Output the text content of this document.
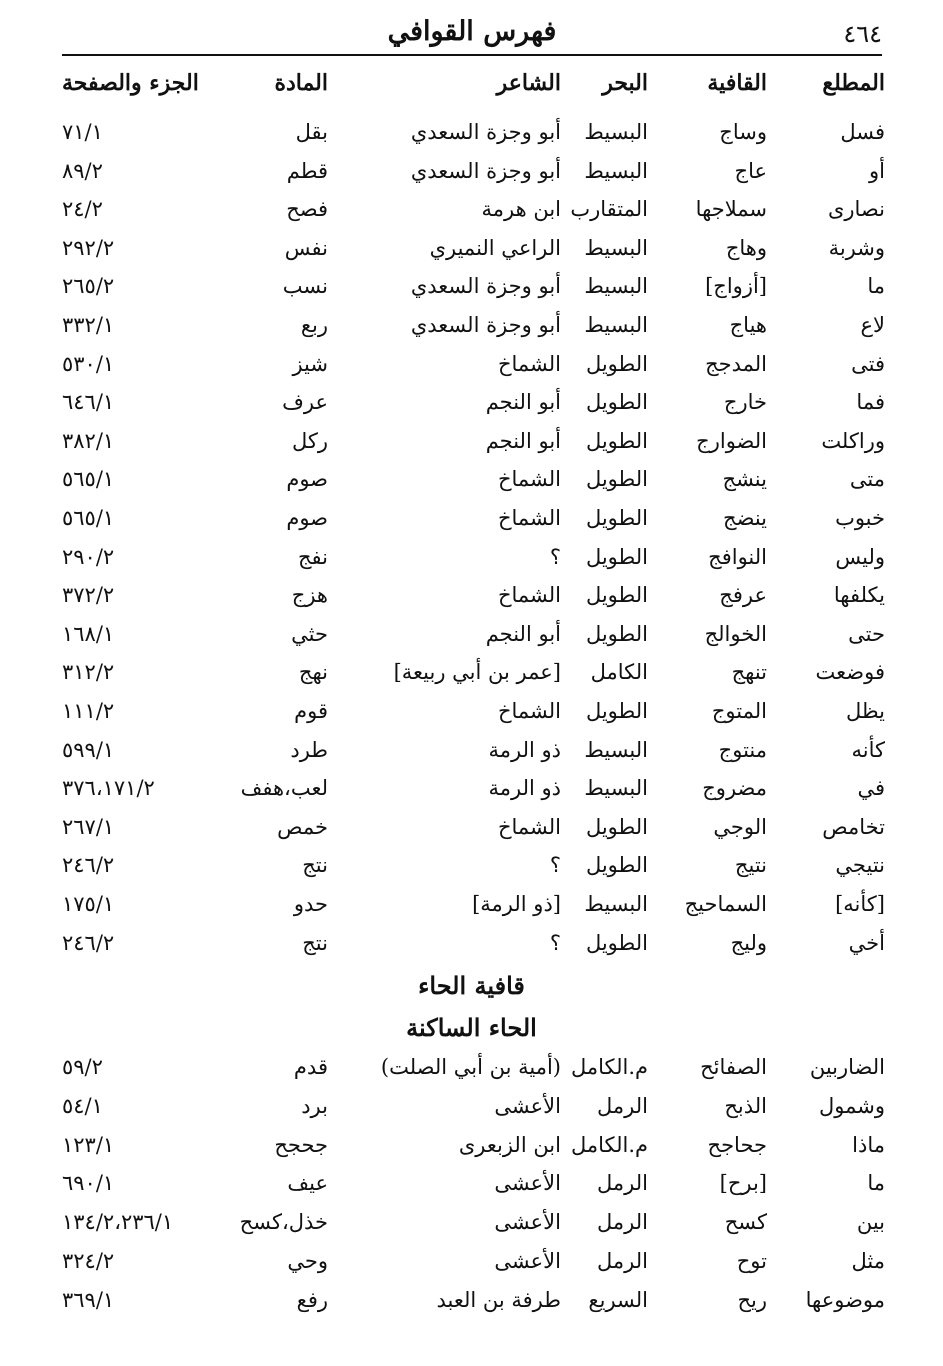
٤٦٤
فهرس القوافي
المطلع
القافية
البحر
الشاعر
المادة
الجزء والصفحة
فسل
وساج
البسيط
أبو وجزة السعدي
بقل
٧١/١
أو
عاج
البسيط
أبو وجزة السعدي
قطم
٨٩/٢
نصارى
سملاجها
المتقارب
ابن هرمة
فصح
٢٤/٢
وشربة
وهاج
البسيط
الراعي النميري
نفس
٢٩٢/٢
ما
[أزواج]
البسيط
أبو وجزة السعدي
نسب
٢٦٥/٢
لاع
هياج
البسيط
أبو وجزة السعدي
ربع
٣٣٢/١
فتى
المدجج
الطويل
الشماخ
شيز
٥٣٠/١
فما
خارج
الطويل
أبو النجم
عرف
٦٤٦/١
وراكلت
الضوارج
الطويل
أبو النجم
ركل
٣٨٢/١
متى
ينشج
الطويل
الشماخ
صوم
٥٦٥/١
خبوب
ينضج
الطويل
الشماخ
صوم
٥٦٥/١
وليس
النوافج
الطويل
؟
نفج
٢٩٠/٢
يكلفها
عرفج
الطويل
الشماخ
هزج
٣٧٢/٢
حتى
الخوالج
الطويل
أبو النجم
حثي
١٦٨/١
فوضعت
تنهج
الكامل
[عمر بن أبي ربيعة]
نهج
٣١٢/٢
يظل
المتوج
الطويل
الشماخ
قوم
١١١/٢
كأنه
منتوج
البسيط
ذو الرمة
طرد
٥٩٩/١
في
مضروج
البسيط
ذو الرمة
لعب،هفف
٣٧٦،١٧١/٢
تخامص
الوجي
الطويل
الشماخ
خمص
٢٦٧/١
نتيجي
نتيج
الطويل
؟
نتج
٢٤٦/٢
[كأنه]
السماحيج
البسيط
[ذو الرمة]
حدو
١٧٥/١
أخي
وليج
الطويل
؟
نتج
٢٤٦/٢
قافية الحاء
الحاء الساكنة
الضاربين
الصفائح
م.الكامل
(أمية بن أبي الصلت)
قدم
٥٩/٢
وشمول
الذبح
الرمل
الأعشى
برد
٥٤/١
ماذا
جحاجح
م.الكامل
ابن الزبعرى
جحجح
١٢٣/١
ما
[برح]
الرمل
الأعشى
عيف
٦٩٠/١
بين
كسح
الرمل
الأعشى
خذل،كسح
١٣٤/٢،٢٣٦/١
مثل
توح
الرمل
الأعشى
وحي
٣٢٤/٢
موضوعها
ريح
السريع
طرفة بن العبد
رفع
٣٦٩/١
